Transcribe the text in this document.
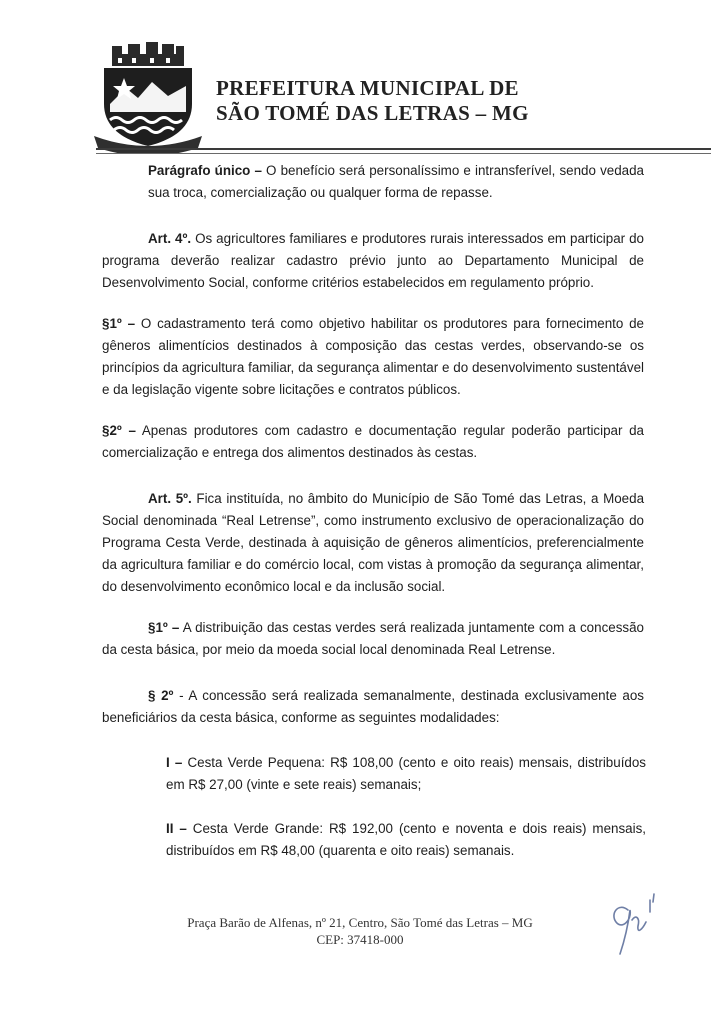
PREFEITURA MUNICIPAL DE
SÃO TOMÉ DAS LETRAS – MG

Parágrafo único – O benefício será personalíssimo e intransferível, sendo vedada sua troca, comercialização ou qualquer forma de repasse.

Art. 4º. Os agricultores familiares e produtores rurais interessados em participar do programa deverão realizar cadastro prévio junto ao Departamento Municipal de Desenvolvimento Social, conforme critérios estabelecidos em regulamento próprio.

§1º – O cadastramento terá como objetivo habilitar os produtores para fornecimento de gêneros alimentícios destinados à composição das cestas verdes, observando-se os princípios da agricultura familiar, da segurança alimentar e do desenvolvimento sustentável e da legislação vigente sobre licitações e contratos públicos.

§2º – Apenas produtores com cadastro e documentação regular poderão participar da comercialização e entrega dos alimentos destinados às cestas.

Art. 5º. Fica instituída, no âmbito do Município de São Tomé das Letras, a Moeda Social denominada “Real Letrense”, como instrumento exclusivo de operacionalização do Programa Cesta Verde, destinada à aquisição de gêneros alimentícios, preferencialmente da agricultura familiar e do comércio local, com vistas à promoção da segurança alimentar, do desenvolvimento econômico local e da inclusão social.

§1º – A distribuição das cestas verdes será realizada juntamente com a concessão da cesta básica, por meio da moeda social local denominada Real Letrense.

§ 2º - A concessão será realizada semanalmente, destinada exclusivamente aos beneficiários da cesta básica, conforme as seguintes modalidades:

I – Cesta Verde Pequena: R$ 108,00 (cento e oito reais) mensais, distribuídos em R$ 27,00 (vinte e sete reais) semanais;

II – Cesta Verde Grande: R$ 192,00 (cento e noventa e dois reais) mensais, distribuídos em R$ 48,00 (quarenta e oito reais) semanais.

Praça Barão de Alfenas, nº 21, Centro, São Tomé das Letras – MG
CEP: 37418-000
